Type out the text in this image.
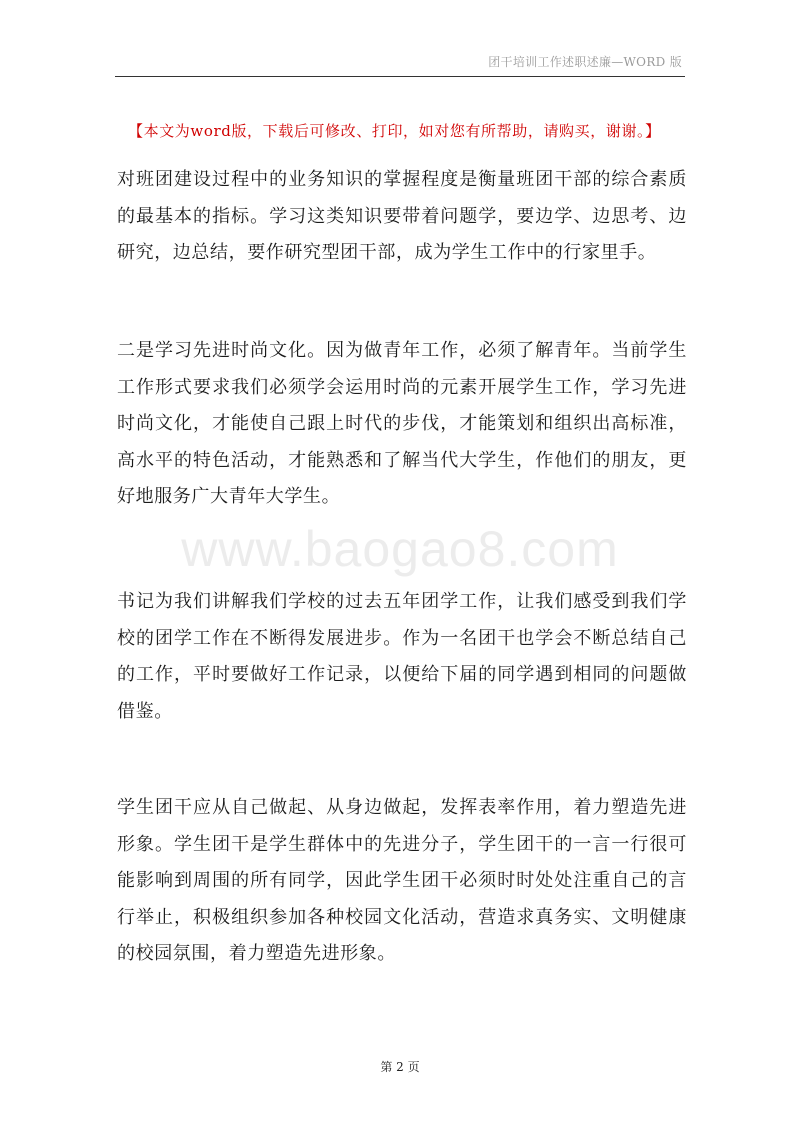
团干培训工作述职述廉—WORD 版
【本文为word版，下载后可修改、打印，如对您有所帮助，请购买，谢谢。】
www.baogao8.com

对班团建设过程中的业务知识的掌握程度是衡量班团干部的综合素质的最基本的指标。学习这类知识要带着问题学，要边学、边思考、边研究，边总结，要作研究型团干部，成为学生工作中的行家里手。

二是学习先进时尚文化。因为做青年工作，必须了解青年。当前学生工作形式要求我们必须学会运用时尚的元素开展学生工作，学习先进时尚文化，才能使自己跟上时代的步伐，才能策划和组织出高标准，高水平的特色活动，才能熟悉和了解当代大学生，作他们的朋友，更好地服务广大青年大学生。

书记为我们讲解我们学校的过去五年团学工作，让我们感受到我们学校的团学工作在不断得发展进步。作为一名团干也学会不断总结自己的工作，平时要做好工作记录，以便给下届的同学遇到相同的问题做借鉴。

学生团干应从自己做起、从身边做起，发挥表率作用，着力塑造先进形象。学生团干是学生群体中的先进分子，学生团干的一言一行很可能影响到周围的所有同学，因此学生团干必须时时处处注重自己的言行举止，积极组织参加各种校园文化活动，营造求真务实、文明健康的校园氛围，着力塑造先进形象。

第 2 页
